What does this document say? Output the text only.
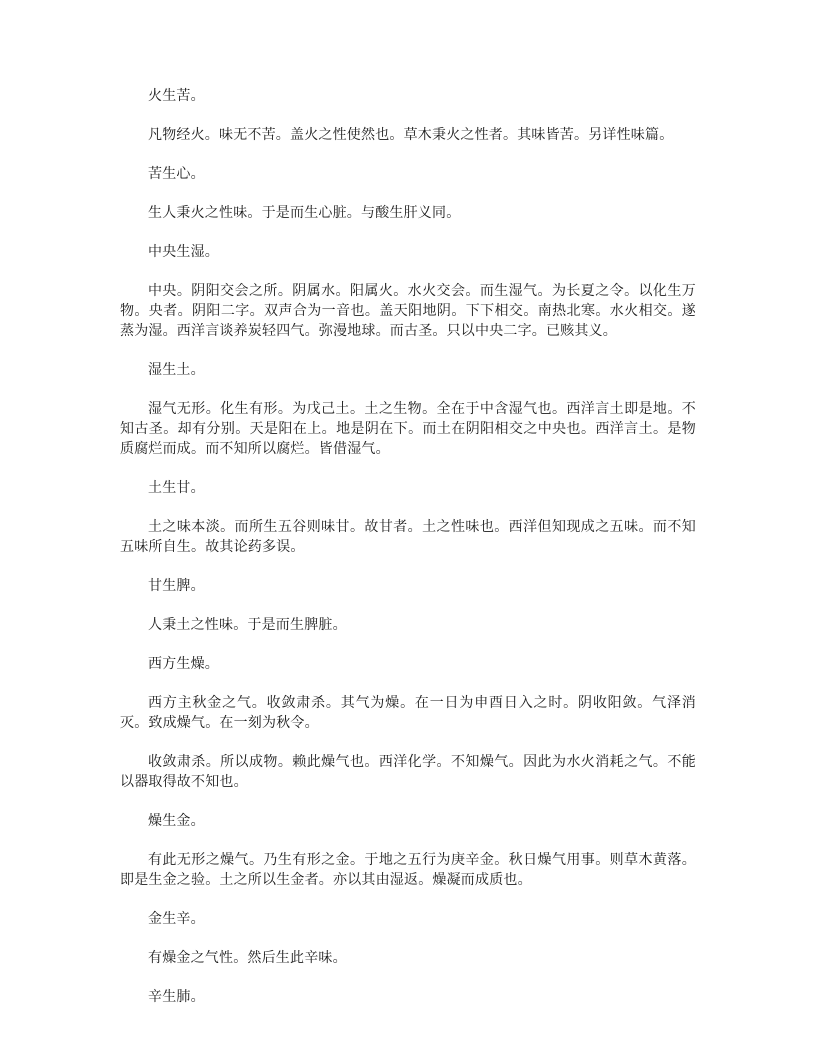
火生苦。

凡物经火。味无不苦。盖火之性使然也。草木秉火之性者。其味皆苦。另详性味篇。

苦生心。

生人秉火之性味。于是而生心脏。与酸生肝义同。

中央生湿。

中央。阴阳交会之所。阴属水。阳属火。水火交会。而生湿气。为长夏之令。以化生万物。央者。阴阳二字。双声合为一音也。盖天阳地阴。下下相交。南热北寒。水火相交。遂蒸为湿。西洋言谈养炭轻四气。弥漫地球。而古圣。只以中央二字。已赅其义。

湿生土。

湿气无形。化生有形。为戊己土。土之生物。全在于中含湿气也。西洋言土即是地。不知古圣。却有分别。天是阳在上。地是阴在下。而土在阴阳相交之中央也。西洋言土。是物质腐烂而成。而不知所以腐烂。皆借湿气。

土生甘。

土之味本淡。而所生五谷则味甘。故甘者。土之性味也。西洋但知现成之五味。而不知五味所自生。故其论药多误。

甘生脾。

人秉土之性味。于是而生脾脏。

西方生燥。

西方主秋金之气。收敛肃杀。其气为燥。在一日为申酉日入之时。阴收阳敛。气泽消灭。致成燥气。在一刻为秋令。

收敛肃杀。所以成物。赖此燥气也。西洋化学。不知燥气。因此为水火消耗之气。不能以器取得故不知也。

燥生金。

有此无形之燥气。乃生有形之金。于地之五行为庚辛金。秋日燥气用事。则草木黄落。即是生金之验。土之所以生金者。亦以其由湿返。燥凝而成质也。

金生辛。

有燥金之气性。然后生此辛味。

辛生肺。
